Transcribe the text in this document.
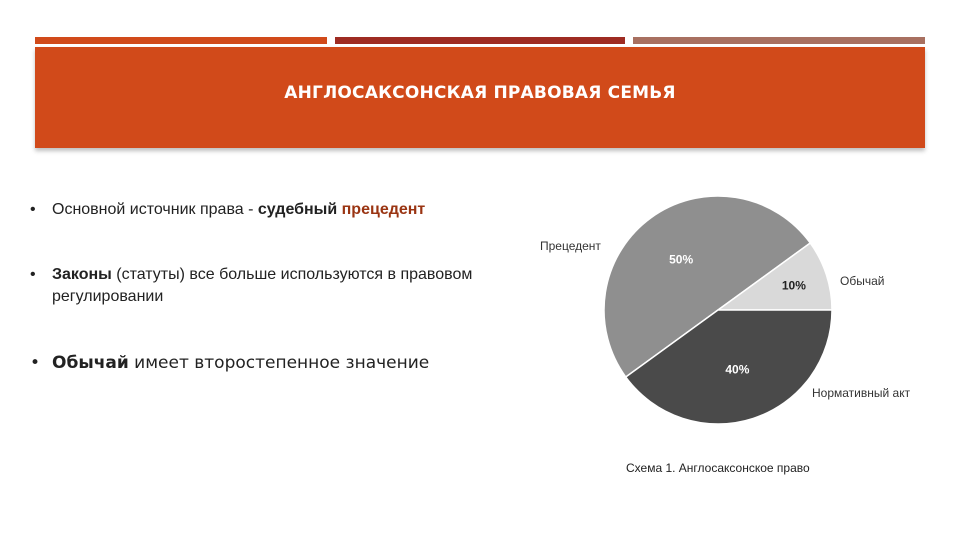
АНГЛОСАКСОНСКАЯ ПРАВОВАЯ СЕМЬЯ
• Основной источник права - судебный прецедент
• Законы (статуты) все больше используются в правовом регулировании
• Обычай имеет второстепенное значение
50%
Прецедент
10%	Обычай
40%
Нормативный акт
Схема 1. Англосаксонское право
